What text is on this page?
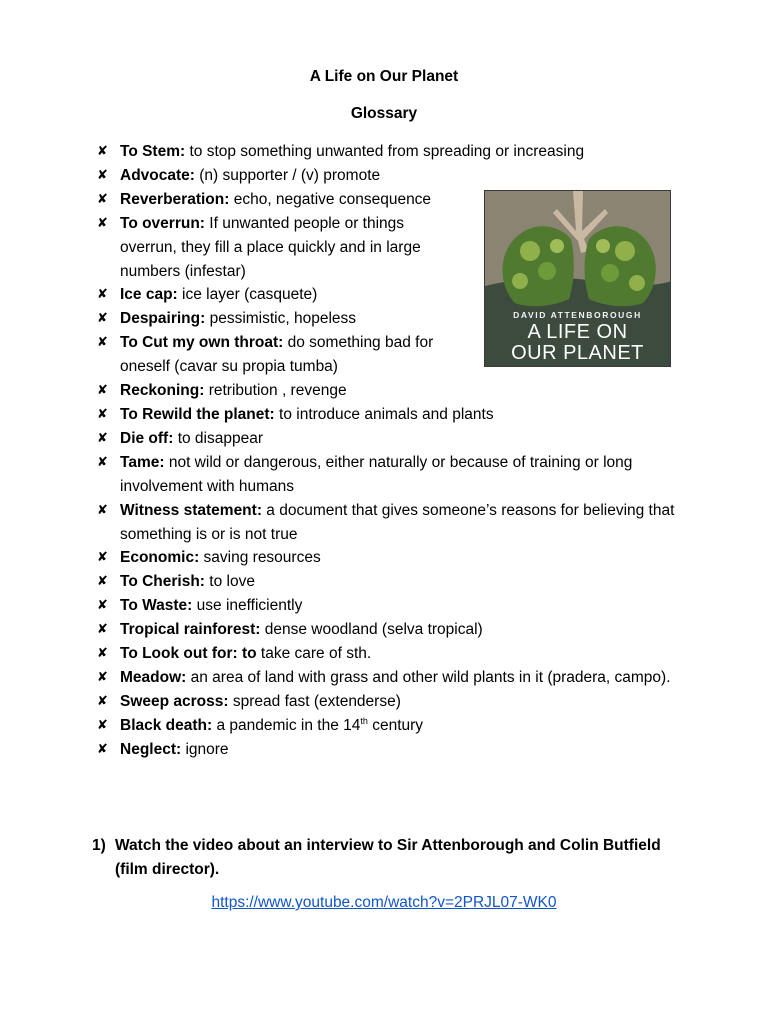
A Life on Our Planet
Glossary
✘ To Stem: to stop something unwanted from spreading or increasing
✘ Advocate: (n) supporter / (v) promote
✘ Reverberation: echo, negative consequence
✘ To overrun: If unwanted people or things overrun, they fill a place quickly and in large numbers (infestar)
✘ Ice cap: ice layer (casquete)
✘ Despairing: pessimistic, hopeless
✘ To Cut my own throat: do something bad for oneself (cavar su propia tumba)
✘ Reckoning: retribution , revenge
✘ To Rewild the planet: to introduce animals and plants
✘ Die off: to disappear
✘ Tame: not wild or dangerous, either naturally or because of training or long involvement with humans
✘ Witness statement: a document that gives someone’s reasons for believing that something is or is not true
✘ Economic: saving resources
✘ To Cherish: to love
✘ To Waste: use inefficiently
✘ Tropical rainforest: dense woodland (selva tropical)
✘ To Look out for: to take care of sth.
✘ Meadow: an area of land with grass and other wild plants in it (pradera, campo).
✘ Sweep across: spread fast (extenderse)
✘ Black death: a pandemic in the 14th century
✘ Neglect: ignore
DAVID ATTENBOROUGH
A LIFE ON
OUR PLANET
1) Watch the video about an interview to Sir Attenborough and Colin Butfield (film director).
https://www.youtube.com/watch?v=2PRJL07-WK0
